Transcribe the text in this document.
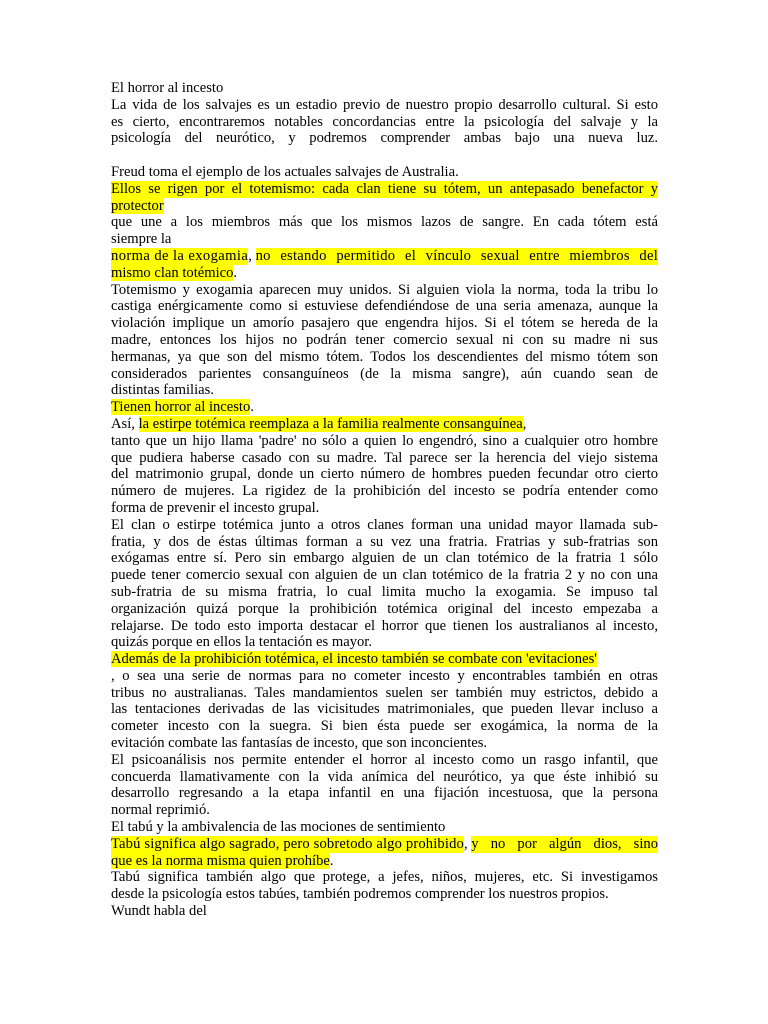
El horror al incesto
La vida de los salvajes es un estadio previo de nuestro propio desarrollo cultural. Si esto
es cierto, encontraremos notables concordancias entre la psicología del salvaje y la
psicología del neurótico, y podremos comprender ambas bajo una nueva luz.
Freud toma el ejemplo de los actuales salvajes de Australia.
Ellos se rigen por el totemismo: cada clan tiene su tótem, un antepasado benefactor y
protector
que une a los miembros más que los mismos lazos de sangre. En cada tótem está
siempre la
norma de la exogamia , no estando permitido el vínculo sexual entre miembros del
mismo clan totémico.
Totemismo y exogamia aparecen muy unidos. Si alguien viola la norma, toda la tribu lo
castiga enérgicamente como si estuviese defendiéndose de una seria amenaza, aunque la
violación implique un amorío pasajero que engendra hijos. Si el tótem se hereda de la
madre, entonces los hijos no podrán tener comercio sexual ni con su madre ni sus
hermanas, ya que son del mismo tótem. Todos los descendientes del mismo tótem son
considerados parientes consanguíneos (de la misma sangre), aún cuando sean de
distintas familias.
Tienen horror al incesto.
Así, la estirpe totémica reemplaza a la familia realmente consanguínea,
tanto que un hijo llama 'padre' no sólo a quien lo engendró, sino a cualquier otro hombre
que pudiera haberse casado con su madre. Tal parece ser la herencia del viejo sistema
del matrimonio grupal, donde un cierto número de hombres pueden fecundar otro cierto
número de mujeres. La rigidez de la prohibición del incesto se podría entender como
forma de prevenir el incesto grupal.
El clan o estirpe totémica junto a otros clanes forman una unidad mayor llamada sub-
fratia, y dos de éstas últimas forman a su vez una fratria. Fratrias y sub-fratrias son
exógamas entre sí. Pero sin embargo alguien de un clan totémico de la fratria 1 sólo
puede tener comercio sexual con alguien de un clan totémico de la fratria 2 y no con una
sub-fratria de su misma fratria, lo cual limita mucho la exogamia. Se impuso tal
organización quizá porque la prohibición totémica original del incesto empezaba a
relajarse. De todo esto importa destacar el horror que tienen los australianos al incesto,
quizás porque en ellos la tentación es mayor.
Además de la prohibición totémica, el incesto también se combate con 'evitaciones'
, o sea una serie de normas para no cometer incesto y encontrables también en otras
tribus no australianas. Tales mandamientos suelen ser también muy estrictos, debido a
las tentaciones derivadas de las vicisitudes matrimoniales, que pueden llevar incluso a
cometer incesto con la suegra. Si bien ésta puede ser exogámica, la norma de la
evitación combate las fantasías de incesto, que son inconcientes.
El psicoanálisis nos permite entender el horror al incesto como un rasgo infantil, que
concuerda llamativamente con la vida anímica del neurótico, ya que éste inhibió su
desarrollo regresando a la etapa infantil en una fijación incestuosa, que la persona
normal reprimió.
El tabú y la ambivalencia de las mociones de sentimiento
Tabú significa algo sagrado, pero sobretodo algo prohibido , y no por algún dios, sino
que es la norma misma quien prohíbe.
Tabú significa también algo que protege, a jefes, niños, mujeres, etc. Si investigamos
desde la psicología estos tabúes, también podremos comprender los nuestros propios.
Wundt habla del
